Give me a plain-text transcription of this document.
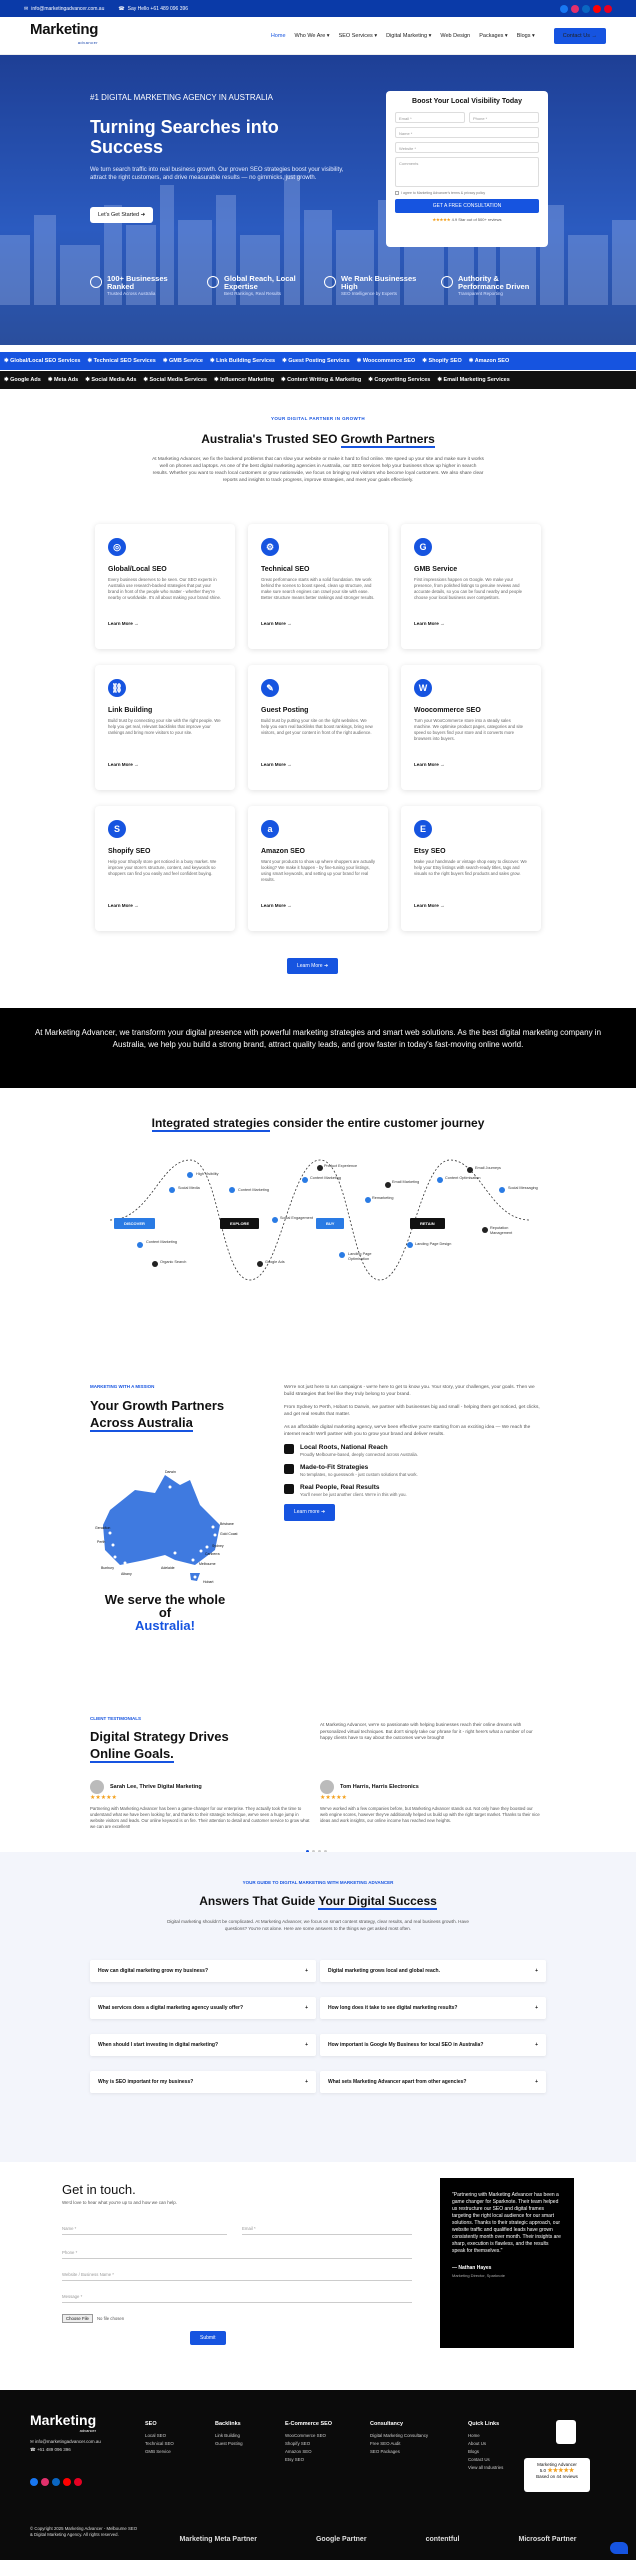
✉ info@marketingadvancer.com.au	☎ Say Hello +61 489 096 396
Marketing
advancer
Home Who We Are ▾ SEO Services ▾ Digital Marketing ▾ Web Design Packages ▾ Blogs ▾	Contact Us →
#1 DIGITAL MARKETING AGENCY IN AUSTRALIA
Turning Searches into Success
We turn search traffic into real business growth. Our proven SEO strategies boost your visibility, attract the right customers, and drive measurable results — no gimmicks, just growth.
Let's Get Started ➜
100+ Businesses Ranked
Trusted Across Australia
Global Reach, Local Expertise
Best Rankings, Real Results
We Rank Businesses High
SEO Intelligence by Experts
Authority & Performance Driven
Transparent Reporting
Boost Your Local Visibility Today
Email *	Phone *
Name *
Website *
Comments
I agree to Marketing Advancer's terms & privacy policy
GET A FREE CONSULTATION
★★★★★ 4.9 Star out of 500+ reviews
✱ Global/Local SEO Services ✱ Technical SEO Services ✱ GMB Service ✱ Link Building Services ✱ Guest Posting Services ✱ Woocommerce SEO ✱ Shopify SEO ✱ Amazon SEO
✱ Google Ads ✱ Meta Ads ✱ Social Media Ads ✱ Social Media Services ✱ Influencer Marketing ✱ Content Writing & Marketing ✱ Copywriting Services ✱ Email Marketing Services
YOUR DIGITAL PARTNER IN GROWTH
Australia's Trusted SEO Growth Partners
At Marketing Advancer, we fix the backend problems that can slow your website or make it hard to find online. We speed up your site and make sure it works well on phones and laptops. As one of the best digital marketing agencies in Australia, our SEO services help your business show up higher in search results. Whether you want to reach local customers or grow nationwide, we focus on bringing real visitors who become loyal customers. We also share clear reports and insights to track progress, improve strategies, and meet your goals effectively.
◎
Global/Local SEO

Every business deserves to be seen. Our SEO experts in Australia use research-backed strategies that put your brand in front of the people who matter - whether they're nearby or worldwide. It's all about making your brand shine.

Learn More →
⚙
Technical SEO

Great performance starts with a solid foundation. We work behind the scenes to boost speed, clean up structure, and make sure search engines can crawl your site with ease. Better structure means better rankings and stronger results.

Learn More →
G
GMB Service

First impressions happen on Google. We make your presence, from polished listings to genuine reviews and accurate details, so you can be found nearby and people choose your local business over competitors.

Learn More →
⛓
Link Building

Build trust by connecting your site with the right people. We help you get real, relevant backlinks that improve your rankings and bring more visitors to your site.

Learn More →
✎
Guest Posting

Build trust by putting your site on the right websites. We help you earn real backlinks that boost rankings, bring new visitors, and get your content in front of the right audience.

Learn More →
W
Woocommerce SEO

Turn your WooCommerce store into a steady sales machine. We optimise product pages, categories and site speed so buyers find your store and it converts more browsers into buyers.

Learn More →
S
Shopify SEO

Help your Shopify store get noticed in a busy market. We improve your store's structure, content, and keywords so shoppers can find you easily and feel confident buying.

Learn More →
a
Amazon SEO

Want your products to show up where shoppers are actually looking? We make it happen - by fine-tuning your listings, using smart keywords, and setting up your brand for real results.

Learn More →
E
Etsy SEO

Make your handmade or vintage shop easy to discover. We help your Etsy listings with search-ready titles, tags and visuals so the right buyers find products and sales grow.

Learn More →
Learn More ➜
At Marketing Advancer, we transform your digital presence with powerful marketing strategies and smart web solutions. As the best digital marketing company in Australia, we help you build a strong brand, attract quality leads, and grow faster in today's fast-moving online world.
Integrated strategies consider the entire customer journey
DISCOVER	EXPLORE	BUY	RETAIN
Content Marketing
Organic Search
High Visibility
Social Media	Content Marketing
Google Ads
Social Engagement
Content Marketing
Product Experience
Landing Page Optimisation
Remarketing
Email Marketing
Landing Page Design
Content Optimisation
Email Journeys
Reputation Management
Social Messaging
MARKETING WITH A MISSION
Your Growth Partners
Across Australia
Darwin
Brisbane
Gold Coast
Sydney
Canberra
Melbourne
Hobart
Adelaide
Perth
Geraldton
Bunbury
Albany
We serve the whole of
Australia!

We're not just here to run campaigns - we're here to get to know you. Your story, your challenges, your goals. Then we build strategies that feel like they truly belong to your brand.

From Sydney to Perth, Hobart to Darwin, we partner with businesses big and small - helping them get noticed, get clicks, and get real results that matter.

As an affordable digital marketing agency, we've been effective you're starting from an exciting idea — We reach the internet reach! We'll partner with you to grow your brand and deliver results.

Local Roots, National Reach
Proudly Melbourne-based, deeply connected across Australia.
Made-to-Fit Strategies
No templates, no guesswork - just custom solutions that work.
Real People, Real Results
You'll never be just another client. We're in this with you.
Learn more ➜
CLIENT TESTIMONIALS
Digital Strategy Drives
Online Goals.
At Marketing Advancer, we're so passionate with helping businesses reach their online dreams with personalized virtual techniques. But don't simply take our phrase for it - right here's what a number of our happy clients have to say about the outcomes we've brought!
Sarah Lee, Thrive Digital Marketing
★★★★★

Partnering with Marketing Advancer has been a game-changer for our enterprise. They actually took the time to understand what we have been looking for, and thanks to their strategic technique, we've seen a huge jump in website visitors and leads. Our online keyword is on fire. Their attention to detail and customer service to grow what we can are excellent!

Tom Harris, Harris Electronics
★★★★★

We've worked with a few companies before, but Marketing Advancer stands out. Not only have they boosted our web engine scores, however they've additionally helped us build up with the right target market. Thanks to their nice ideas and work insights, our online income has reached new heights.

YOUR GUIDE TO DIGITAL MARKETING WITH MARKETING ADVANCER
Answers That Guide Your Digital Success
Digital marketing shouldn't be complicated. At Marketing Advancer, we focus on smart content strategy, clear results, and real business growth. Have questions? You're not alone. Here are some answers to the things we get asked most often.
How can digital marketing grow my business?	+	Digital marketing grows local and global reach.	+
What services does a digital marketing agency usually offer?	+	How long does it take to see digital marketing results?	+
When should I start investing in digital marketing?	+	How important is Google My Business for local SEO in Australia?	+
Why is SEO important for my business?	+	What sets Marketing Advancer apart from other agencies?	+
Get in touch.
We'd love to hear what you're up to and how we can help.
Name *	Email *
Phone *
Website / Business Name *
Message *
Choose File	No file chosen
Submit
"Partnering with Marketing Advancer has been a game changer for Sparknote. Their team helped us restructure our SEO and digital frames targeting the right local audience for our smart solutions. Thanks to their strategic approach, our website traffic and qualified leads have grown consistently month over month. Their insights are sharp, execution is flawless, and the results speak for themselves."
— Nathan Hayes
Marketing Director, Sparknote
Marketing
advancer
✉ info@marketingadvancer.com.au
☎ +61 489 096 396
SEO
Local SEO
Technical SEO
GMB Service
Backlinks
Link Building
Guest Posting
E-Commerce SEO
WooCommerce SEO
Shopify SEO
Amazon SEO
Etsy SEO
Consultancy
Digital Marketing Consultancy
Free SEO Audit
SEO Packages
Quick Links
Home
About Us
Blogs
Contact Us
View all Industries
Marketing Advancer
5.0 ★★★★★
Based on 44 reviews
© Copyright 2025 Marketing Advancer - Melbourne SEO & Digital Marketing Agency. All rights reserved.
Marketing Meta Partner	Google Partner	contentful	Microsoft Partner
